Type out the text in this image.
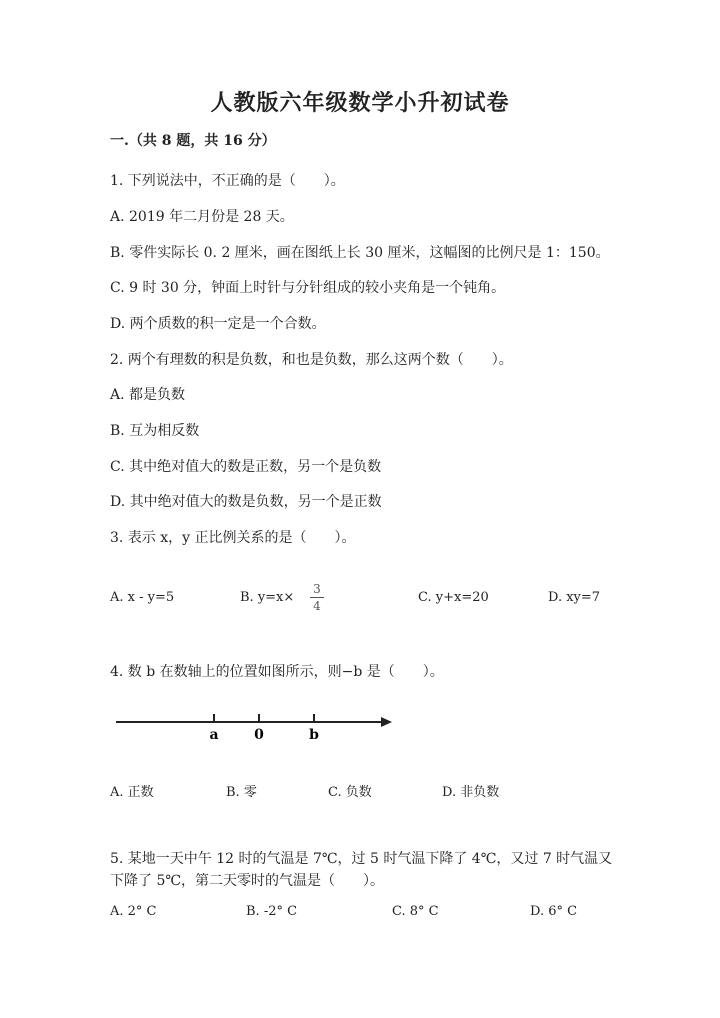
人教版六年级数学小升初试卷
一.（共 8 题，共 16 分）
1. 下列说法中，不正确的是（　　）。
A. 2019 年二月份是 28 天。
B. 零件实际长 0. 2 厘米，画在图纸上长 30 厘米，这幅图的比例尺是 1：150。
C. 9 时 30 分，钟面上时针与分针组成的较小夹角是一个钝角。
D. 两个质数的积一定是一个合数。
2. 两个有理数的积是负数，和也是负数，那么这两个数（　　）。
A. 都是负数
B. 互为相反数
C. 其中绝对值大的数是正数，另一个是负数
D. 其中绝对值大的数是负数，另一个是正数
3. 表示 x，y 正比例关系的是（　　）。
A. x - y=5	B. y=x×
3
4
C. y+x=20	D. xy=7
4. 数 b 在数轴上的位置如图所示，则−b 是（　　）。
a	0	b
A. 正数	B. 零	C. 负数	D. 非负数
5. 某地一天中午 12 时的气温是 7℃，过 5 时气温下降了 4℃，又过 7 时气温又下降了 5℃，第二天零时的气温是（　　）。
A. 2° C	B. -2° C	C. 8° C	D. 6° C
